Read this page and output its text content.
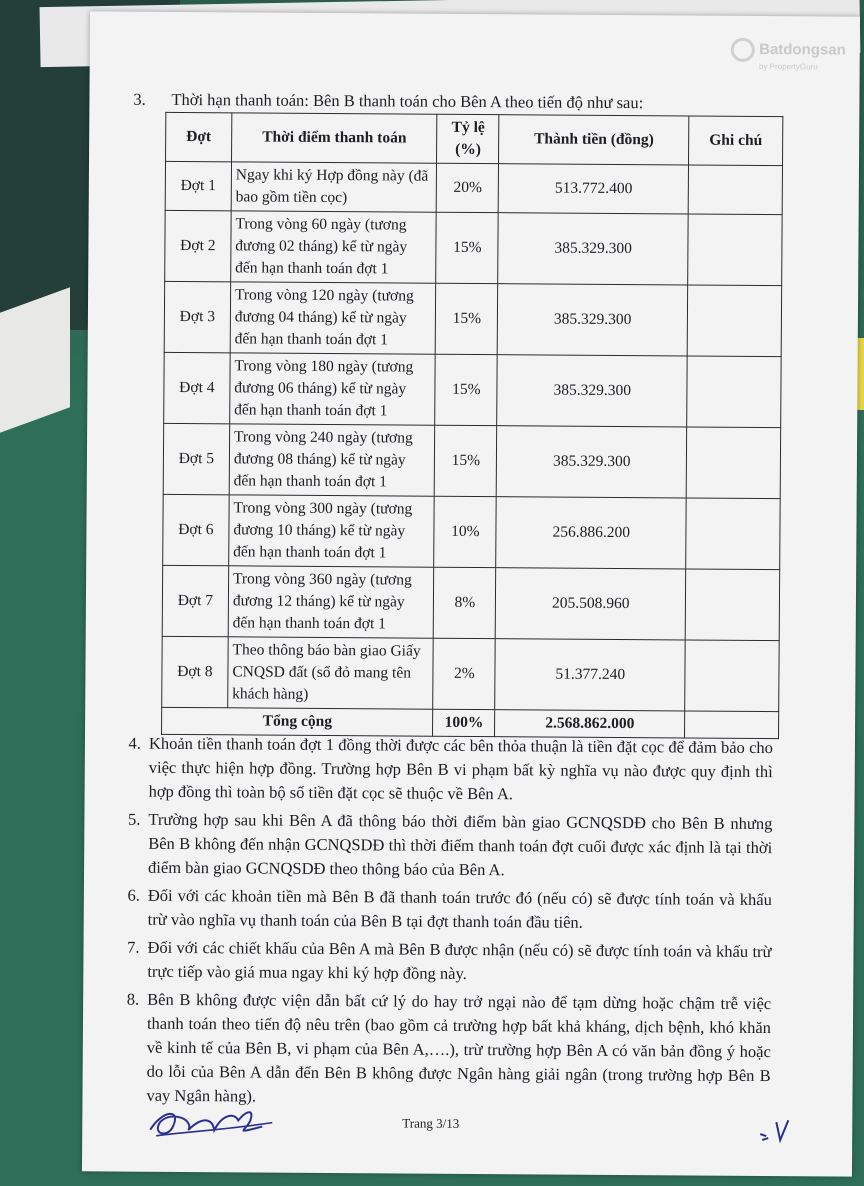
Batdongsan
by PropertyGuru
3. Thời hạn thanh toán: Bên B thanh toán cho Bên A theo tiến độ như sau:
Đợt	Thời điểm thanh toán	Tỷ lệ (%)	Thành tiền (đồng)	Ghi chú
Đợt 1	Ngay khi ký Hợp đồng này (đã bao gồm tiền cọc)	20%	513.772.400	
Đợt 2	Trong vòng 60 ngày (tương đương 02 tháng) kể từ ngày đến hạn thanh toán đợt 1	15%	385.329.300	
Đợt 3	Trong vòng 120 ngày (tương đương 04 tháng) kể từ ngày đến hạn thanh toán đợt 1	15%	385.329.300	
Đợt 4	Trong vòng 180 ngày (tương đương 06 tháng) kể từ ngày đến hạn thanh toán đợt 1	15%	385.329.300	
Đợt 5	Trong vòng 240 ngày (tương đương 08 tháng) kể từ ngày đến hạn thanh toán đợt 1	15%	385.329.300	
Đợt 6	Trong vòng 300 ngày (tương đương 10 tháng) kể từ ngày đến hạn thanh toán đợt 1	10%	256.886.200	
Đợt 7	Trong vòng 360 ngày (tương đương 12 tháng) kể từ ngày đến hạn thanh toán đợt 1	8%	205.508.960	
Đợt 8	Theo thông báo bàn giao Giấy CNQSD đất (sổ đỏ mang tên khách hàng)	2%	51.377.240	
Tổng cộng		100%	2.568.862.000	
4. Khoản tiền thanh toán đợt 1 đồng thời được các bên thỏa thuận là tiền đặt cọc để đảm bảo cho việc thực hiện hợp đồng. Trường hợp Bên B vi phạm bất kỳ nghĩa vụ nào được quy định thì hợp đồng thì toàn bộ số tiền đặt cọc sẽ thuộc về Bên A.
5. Trường hợp sau khi Bên A đã thông báo thời điểm bàn giao GCNQSDĐ cho Bên B nhưng Bên B không đến nhận GCNQSDĐ thì thời điểm thanh toán đợt cuối được xác định là tại thời điểm bàn giao GCNQSDĐ theo thông báo của Bên A.
6. Đối với các khoản tiền mà Bên B đã thanh toán trước đó (nếu có) sẽ được tính toán và khấu trừ vào nghĩa vụ thanh toán của Bên B tại đợt thanh toán đầu tiên.
7. Đối với các chiết khấu của Bên A mà Bên B được nhận (nếu có) sẽ được tính toán và khấu trừ trực tiếp vào giá mua ngay khi ký hợp đồng này.
8. Bên B không được viện dẫn bất cứ lý do hay trở ngại nào để tạm dừng hoặc chậm trễ việc thanh toán theo tiến độ nêu trên (bao gồm cả trường hợp bất khả kháng, dịch bệnh, khó khăn về kinh tế của Bên B, vi phạm của Bên A,….), trừ trường hợp Bên A có văn bản đồng ý hoặc do lỗi của Bên A dẫn đến Bên B không được Ngân hàng giải ngân (trong trường hợp Bên B vay Ngân hàng).
Trang 3/13
